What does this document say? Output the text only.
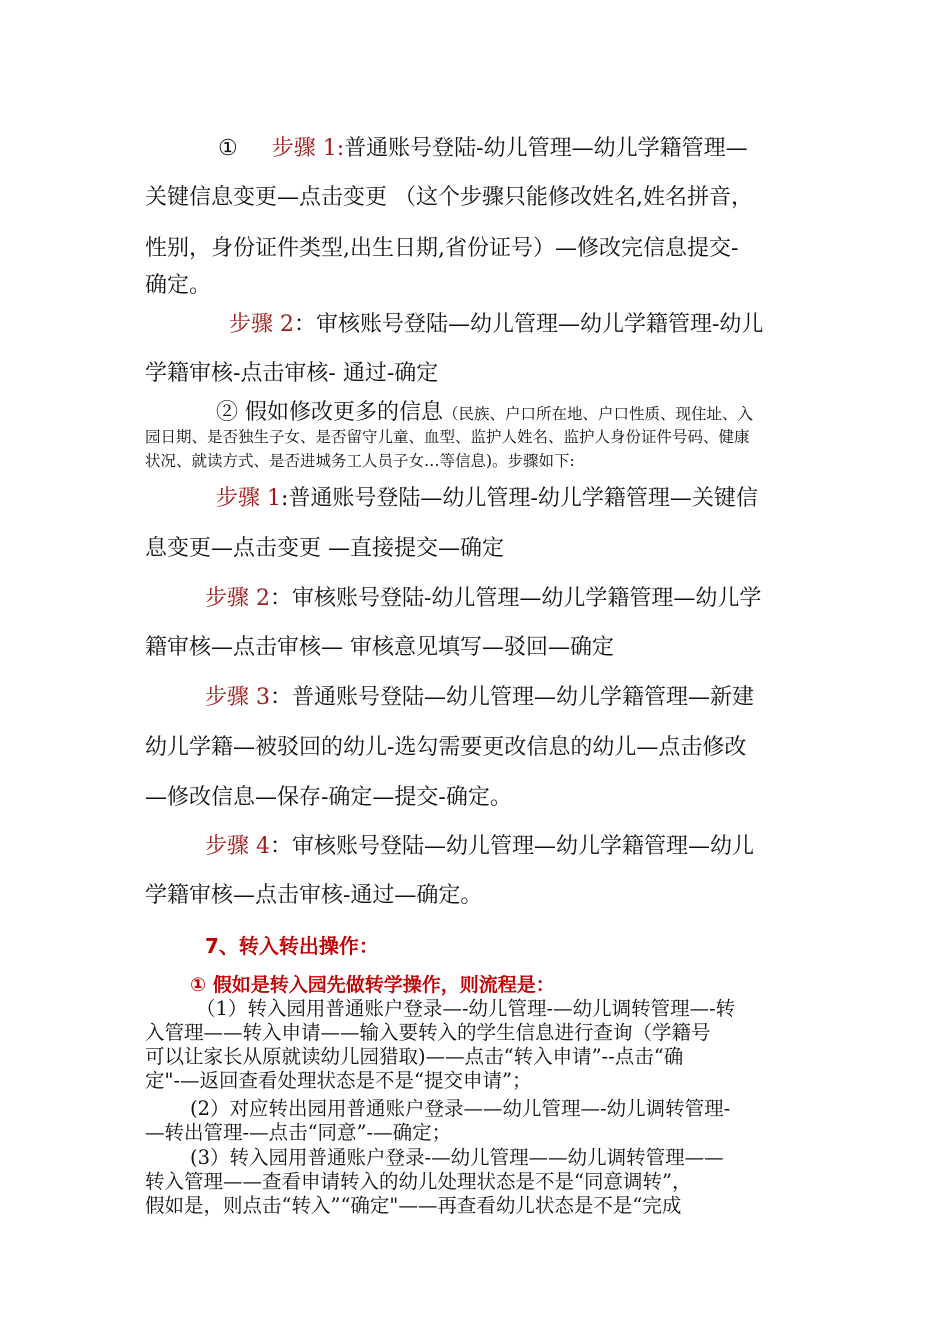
① 步骤 1:普通账号登陆-幼儿管理—幼儿学籍管理—
关键信息变更—点击变更 （这个步骤只能修改姓名,姓名拼音，
性别，身份证件类型,出生日期,省份证号）—修改完信息提交-
确定。
步骤 2：审核账号登陆—幼儿管理—幼儿学籍管理-幼儿
学籍审核-点击审核- 通过-确定
② 假如修改更多的信息（民族、户口所在地、户口性质、现住址、入
园日期、是否独生子女、是否留守儿童、血型、监护人姓名、监护人身份证件号码、健康
状况、就读方式、是否进城务工人员子女…等信息)。步骤如下:
步骤 1:普通账号登陆—幼儿管理-幼儿学籍管理—关键信
息变更—点击变更 —直接提交—确定
步骤 2：审核账号登陆-幼儿管理—幼儿学籍管理—幼儿学
籍审核—点击审核— 审核意见填写—驳回—确定
步骤 3：普通账号登陆—幼儿管理—幼儿学籍管理—新建
幼儿学籍—被驳回的幼儿-选勾需要更改信息的幼儿—点击修改
—修改信息—保存-确定—提交-确定。
步骤 4：审核账号登陆—幼儿管理—幼儿学籍管理—幼儿
学籍审核—点击审核-通过—确定。
7、转入转出操作：
① 假如是转入园先做转学操作，则流程是：
（1）转入园用普通账户登录—-幼儿管理-—幼儿调转管理—-转
入管理——转入申请——输入要转入的学生信息进行查询（学籍号
可以让家长从原就读幼儿园猎取)——点击“转入申请”--点击“确
定"-—返回查看处理状态是不是“提交申请”；
(2）对应转出园用普通账户登录——幼儿管理—-幼儿调转管理-
—转出管理-—点击“同意”-—确定；
(3）转入园用普通账户登录-—幼儿管理——幼儿调转管理——
转入管理——查看申请转入的幼儿处理状态是不是“同意调转”，
假如是，则点击“转入”“确定"——再查看幼儿状态是不是“完成
